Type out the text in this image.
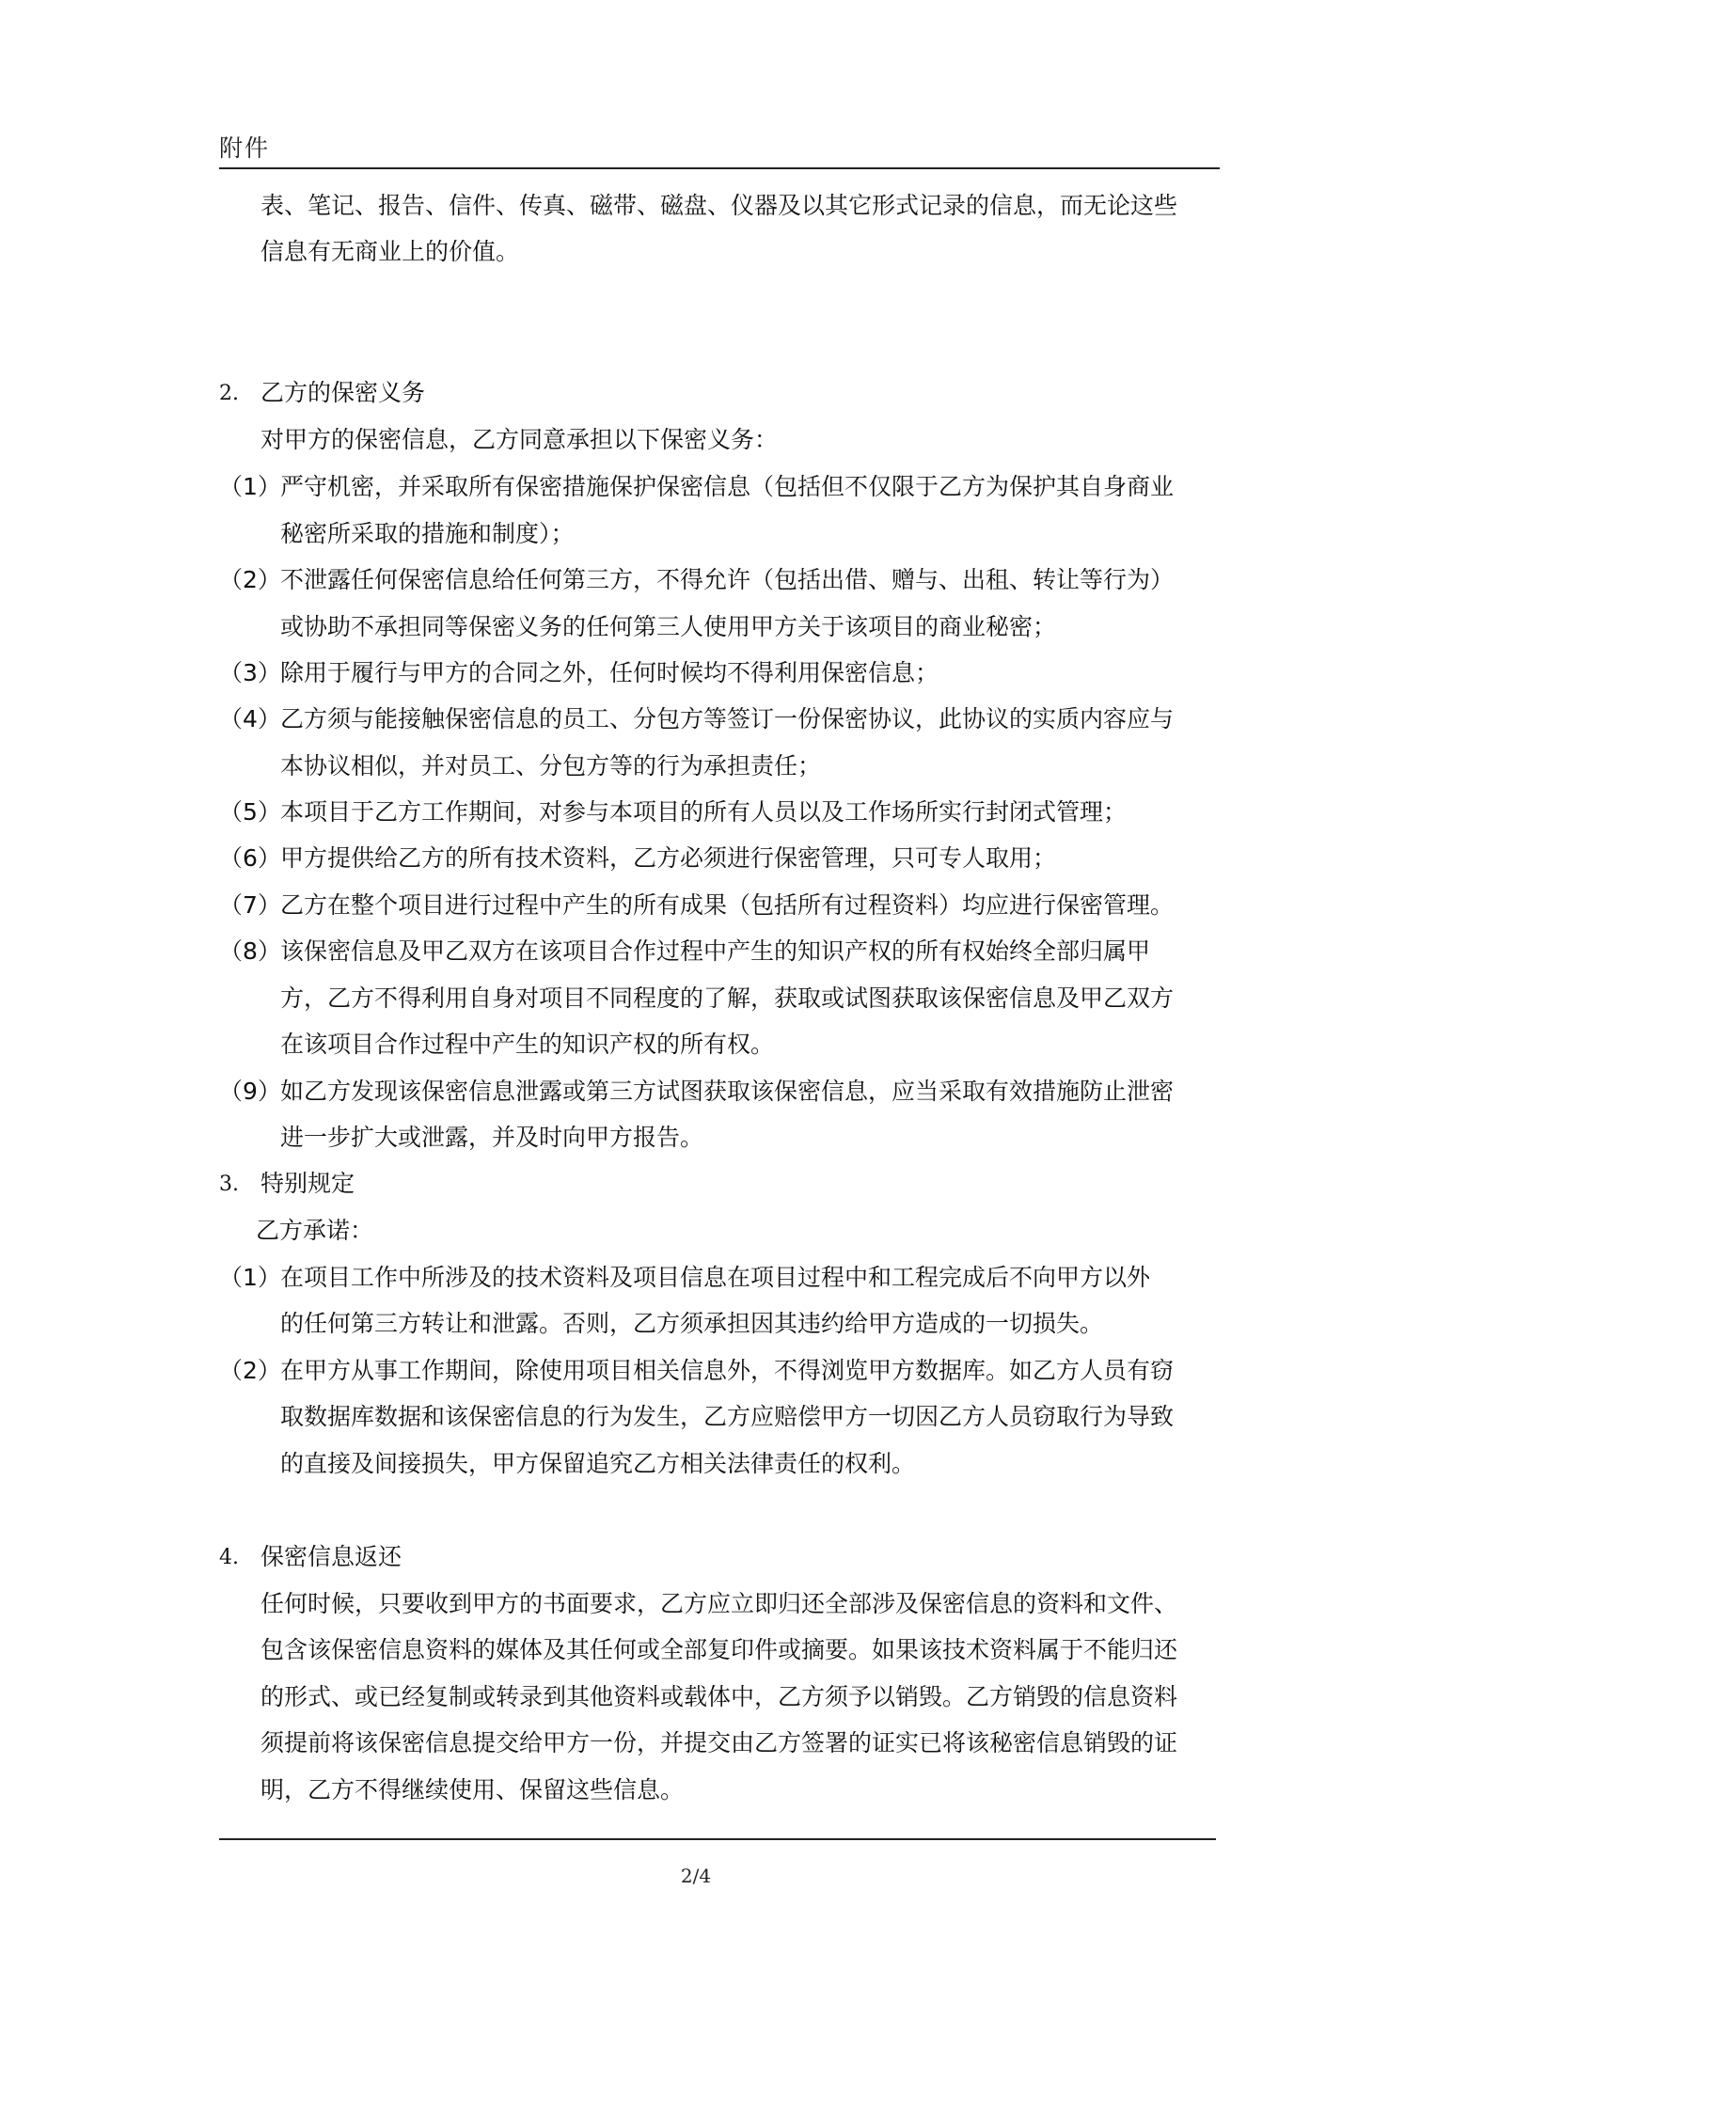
附件
表、笔记、报告、信件、传真、磁带、磁盘、仪器及以其它形式记录的信息，而无论这些
信息有无商业上的价值。
2. 乙方的保密义务
对甲方的保密信息，乙方同意承担以下保密义务：
（1） 严守机密，并采取所有保密措施保护保密信息（包括但不仅限于乙方为保护其自身商业
秘密所采取的措施和制度）；
（2） 不泄露任何保密信息给任何第三方，不得允许（包括出借、赠与、出租、转让等行为）
或协助不承担同等保密义务的任何第三人使用甲方关于该项目的商业秘密；
（3） 除用于履行与甲方的合同之外，任何时候均不得利用保密信息；
（4） 乙方须与能接触保密信息的员工、分包方等签订一份保密协议，此协议的实质内容应与
本协议相似，并对员工、分包方等的行为承担责任；
（5） 本项目于乙方工作期间，对参与本项目的所有人员以及工作场所实行封闭式管理；
（6） 甲方提供给乙方的所有技术资料，乙方必须进行保密管理，只可专人取用；
（7） 乙方在整个项目进行过程中产生的所有成果（包括所有过程资料）均应进行保密管理。
（8） 该保密信息及甲乙双方在该项目合作过程中产生的知识产权的所有权始终全部归属甲
方，乙方不得利用自身对项目不同程度的了解，获取或试图获取该保密信息及甲乙双方
在该项目合作过程中产生的知识产权的所有权。
（9） 如乙方发现该保密信息泄露或第三方试图获取该保密信息，应当采取有效措施防止泄密
进一步扩大或泄露，并及时向甲方报告。
3. 特别规定
乙方承诺：
（1） 在项目工作中所涉及的技术资料及项目信息在项目过程中和工程完成后不向甲方以外
的任何第三方转让和泄露。否则，乙方须承担因其违约给甲方造成的一切损失。
（2） 在甲方从事工作期间，除使用项目相关信息外，不得浏览甲方数据库。如乙方人员有窃
取数据库数据和该保密信息的行为发生，乙方应赔偿甲方一切因乙方人员窃取行为导致
的直接及间接损失，甲方保留追究乙方相关法律责任的权利。
4. 保密信息返还
任何时候，只要收到甲方的书面要求，乙方应立即归还全部涉及保密信息的资料和文件、
包含该保密信息资料的媒体及其任何或全部复印件或摘要。如果该技术资料属于不能归还
的形式、或已经复制或转录到其他资料或载体中，乙方须予以销毁。乙方销毁的信息资料
须提前将该保密信息提交给甲方一份，并提交由乙方签署的证实已将该秘密信息销毁的证
明，乙方不得继续使用、保留这些信息。
2/4
